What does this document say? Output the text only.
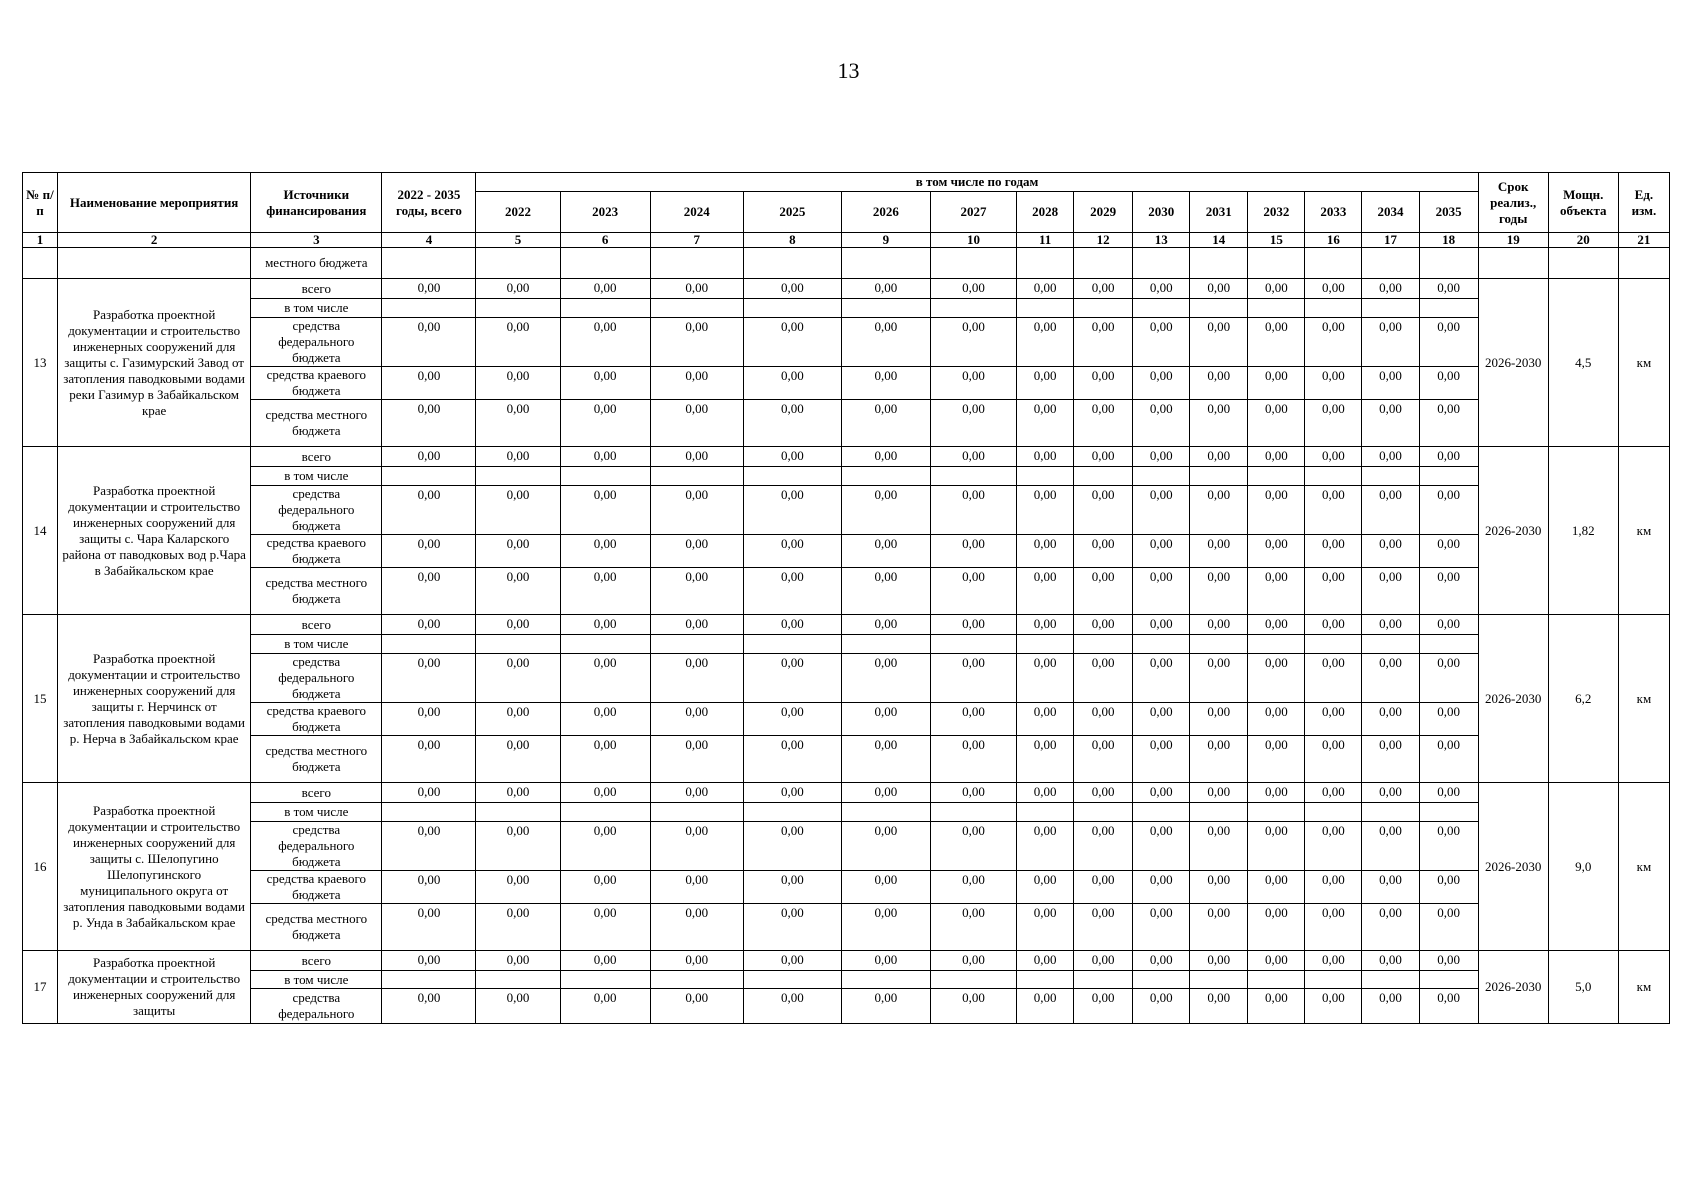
13
№ п/п	Наименование мероприятия	Источники финансирования	2022 - 2035 годы, всего	в том числе по годам														Срок реализ., годы	Мощн. объекта	Ед. изм.
				2022	2023	2024	2025	2026	2027	2028	2029	2030	2031	2032	2033	2034	2035			
1	2	3	4	5	6	7	8	9	10	11	12	13	14	15	16	17	18	19	20	21
		местного бюджета																		
13	Разработка проектной документации и строительство инженерных сооружений для защиты с. Газимурский Завод от затопления паводковыми водами реки Газимур в Забайкальском крае	всего	0,00	0,00	0,00	0,00	0,00	0,00	0,00	0,00	0,00	0,00	0,00	0,00	0,00	0,00	0,00	2026-2030	4,5	км
		в том числе																		
		средства федерального бюджета	0,00	0,00	0,00	0,00	0,00	0,00	0,00	0,00	0,00	0,00	0,00	0,00	0,00	0,00	0,00			
		средства краевого бюджета	0,00	0,00	0,00	0,00	0,00	0,00	0,00	0,00	0,00	0,00	0,00	0,00	0,00	0,00	0,00			
		средства местного бюджета	0,00	0,00	0,00	0,00	0,00	0,00	0,00	0,00	0,00	0,00	0,00	0,00	0,00	0,00	0,00			
14	Разработка проектной документации и строительство инженерных сооружений для защиты с. Чара Каларского района от паводковых вод р.Чара в Забайкальском крае	всего	0,00	0,00	0,00	0,00	0,00	0,00	0,00	0,00	0,00	0,00	0,00	0,00	0,00	0,00	0,00	2026-2030	1,82	км
		в том числе																		
		средства федерального бюджета	0,00	0,00	0,00	0,00	0,00	0,00	0,00	0,00	0,00	0,00	0,00	0,00	0,00	0,00	0,00			
		средства краевого бюджета	0,00	0,00	0,00	0,00	0,00	0,00	0,00	0,00	0,00	0,00	0,00	0,00	0,00	0,00	0,00			
		средства местного бюджета	0,00	0,00	0,00	0,00	0,00	0,00	0,00	0,00	0,00	0,00	0,00	0,00	0,00	0,00	0,00			
15	Разработка проектной документации и строительство инженерных сооружений для защиты г. Нерчинск от затопления паводковыми водами р. Нерча в Забайкальском крае	всего	0,00	0,00	0,00	0,00	0,00	0,00	0,00	0,00	0,00	0,00	0,00	0,00	0,00	0,00	0,00	2026-2030	6,2	км
		в том числе																		
		средства федерального бюджета	0,00	0,00	0,00	0,00	0,00	0,00	0,00	0,00	0,00	0,00	0,00	0,00	0,00	0,00	0,00			
		средства краевого бюджета	0,00	0,00	0,00	0,00	0,00	0,00	0,00	0,00	0,00	0,00	0,00	0,00	0,00	0,00	0,00			
		средства местного бюджета	0,00	0,00	0,00	0,00	0,00	0,00	0,00	0,00	0,00	0,00	0,00	0,00	0,00	0,00	0,00			
16	Разработка проектной документации и строительство инженерных сооружений для защиты с. Шелопугино Шелопугинского муниципального округа от затопления паводковыми водами р. Унда в Забайкальском крае	всего	0,00	0,00	0,00	0,00	0,00	0,00	0,00	0,00	0,00	0,00	0,00	0,00	0,00	0,00	0,00	2026-2030	9,0	км
		в том числе																		
		средства федерального бюджета	0,00	0,00	0,00	0,00	0,00	0,00	0,00	0,00	0,00	0,00	0,00	0,00	0,00	0,00	0,00			
		средства краевого бюджета	0,00	0,00	0,00	0,00	0,00	0,00	0,00	0,00	0,00	0,00	0,00	0,00	0,00	0,00	0,00			
		средства местного бюджета	0,00	0,00	0,00	0,00	0,00	0,00	0,00	0,00	0,00	0,00	0,00	0,00	0,00	0,00	0,00			
17	Разработка проектной документации и строительство инженерных сооружений для защиты	всего	0,00	0,00	0,00	0,00	0,00	0,00	0,00	0,00	0,00	0,00	0,00	0,00	0,00	0,00	0,00	2026-2030	5,0	км
		в том числе																		
		средства федерального	0,00	0,00	0,00	0,00	0,00	0,00	0,00	0,00	0,00	0,00	0,00	0,00	0,00	0,00	0,00			
